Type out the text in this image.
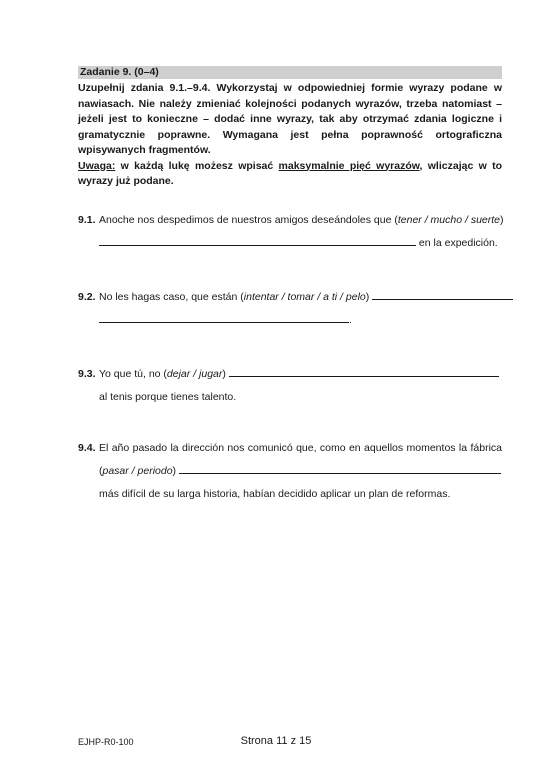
Zadanie 9. (0–4)

Uzupełnij zdania 9.1.–9.4. Wykorzystaj w odpowiedniej formie wyrazy podane w nawiasach. Nie należy zmieniać kolejności podanych wyrazów, trzeba natomiast – jeżeli jest to konieczne – dodać inne wyrazy, tak aby otrzymać zdania logiczne i gramatycznie poprawne. Wymagana jest pełna poprawność ortograficzna wpisywanych fragmentów.

Uwaga: w każdą lukę możesz wpisać maksymalnie pięć wyrazów, wliczając w to wyrazy już podane.

9.1. Anoche nos despedimos de nuestros amigos deseándoles que (tener / mucho / suerte)
en la expedición.
9.2. No les hagas caso, que están (intentar / tomar / a ti / pelo)
.
9.3. Yo que tú, no (dejar / jugar)
al tenis porque tienes talento.
9.4. El año pasado la dirección nos comunicó que, como en aquellos momentos la fábrica (pasar / periodo)
más difícil de su larga historia, habían decidido aplicar un plan de reformas.
EJHP-R0-100	Strona 11 z 15
